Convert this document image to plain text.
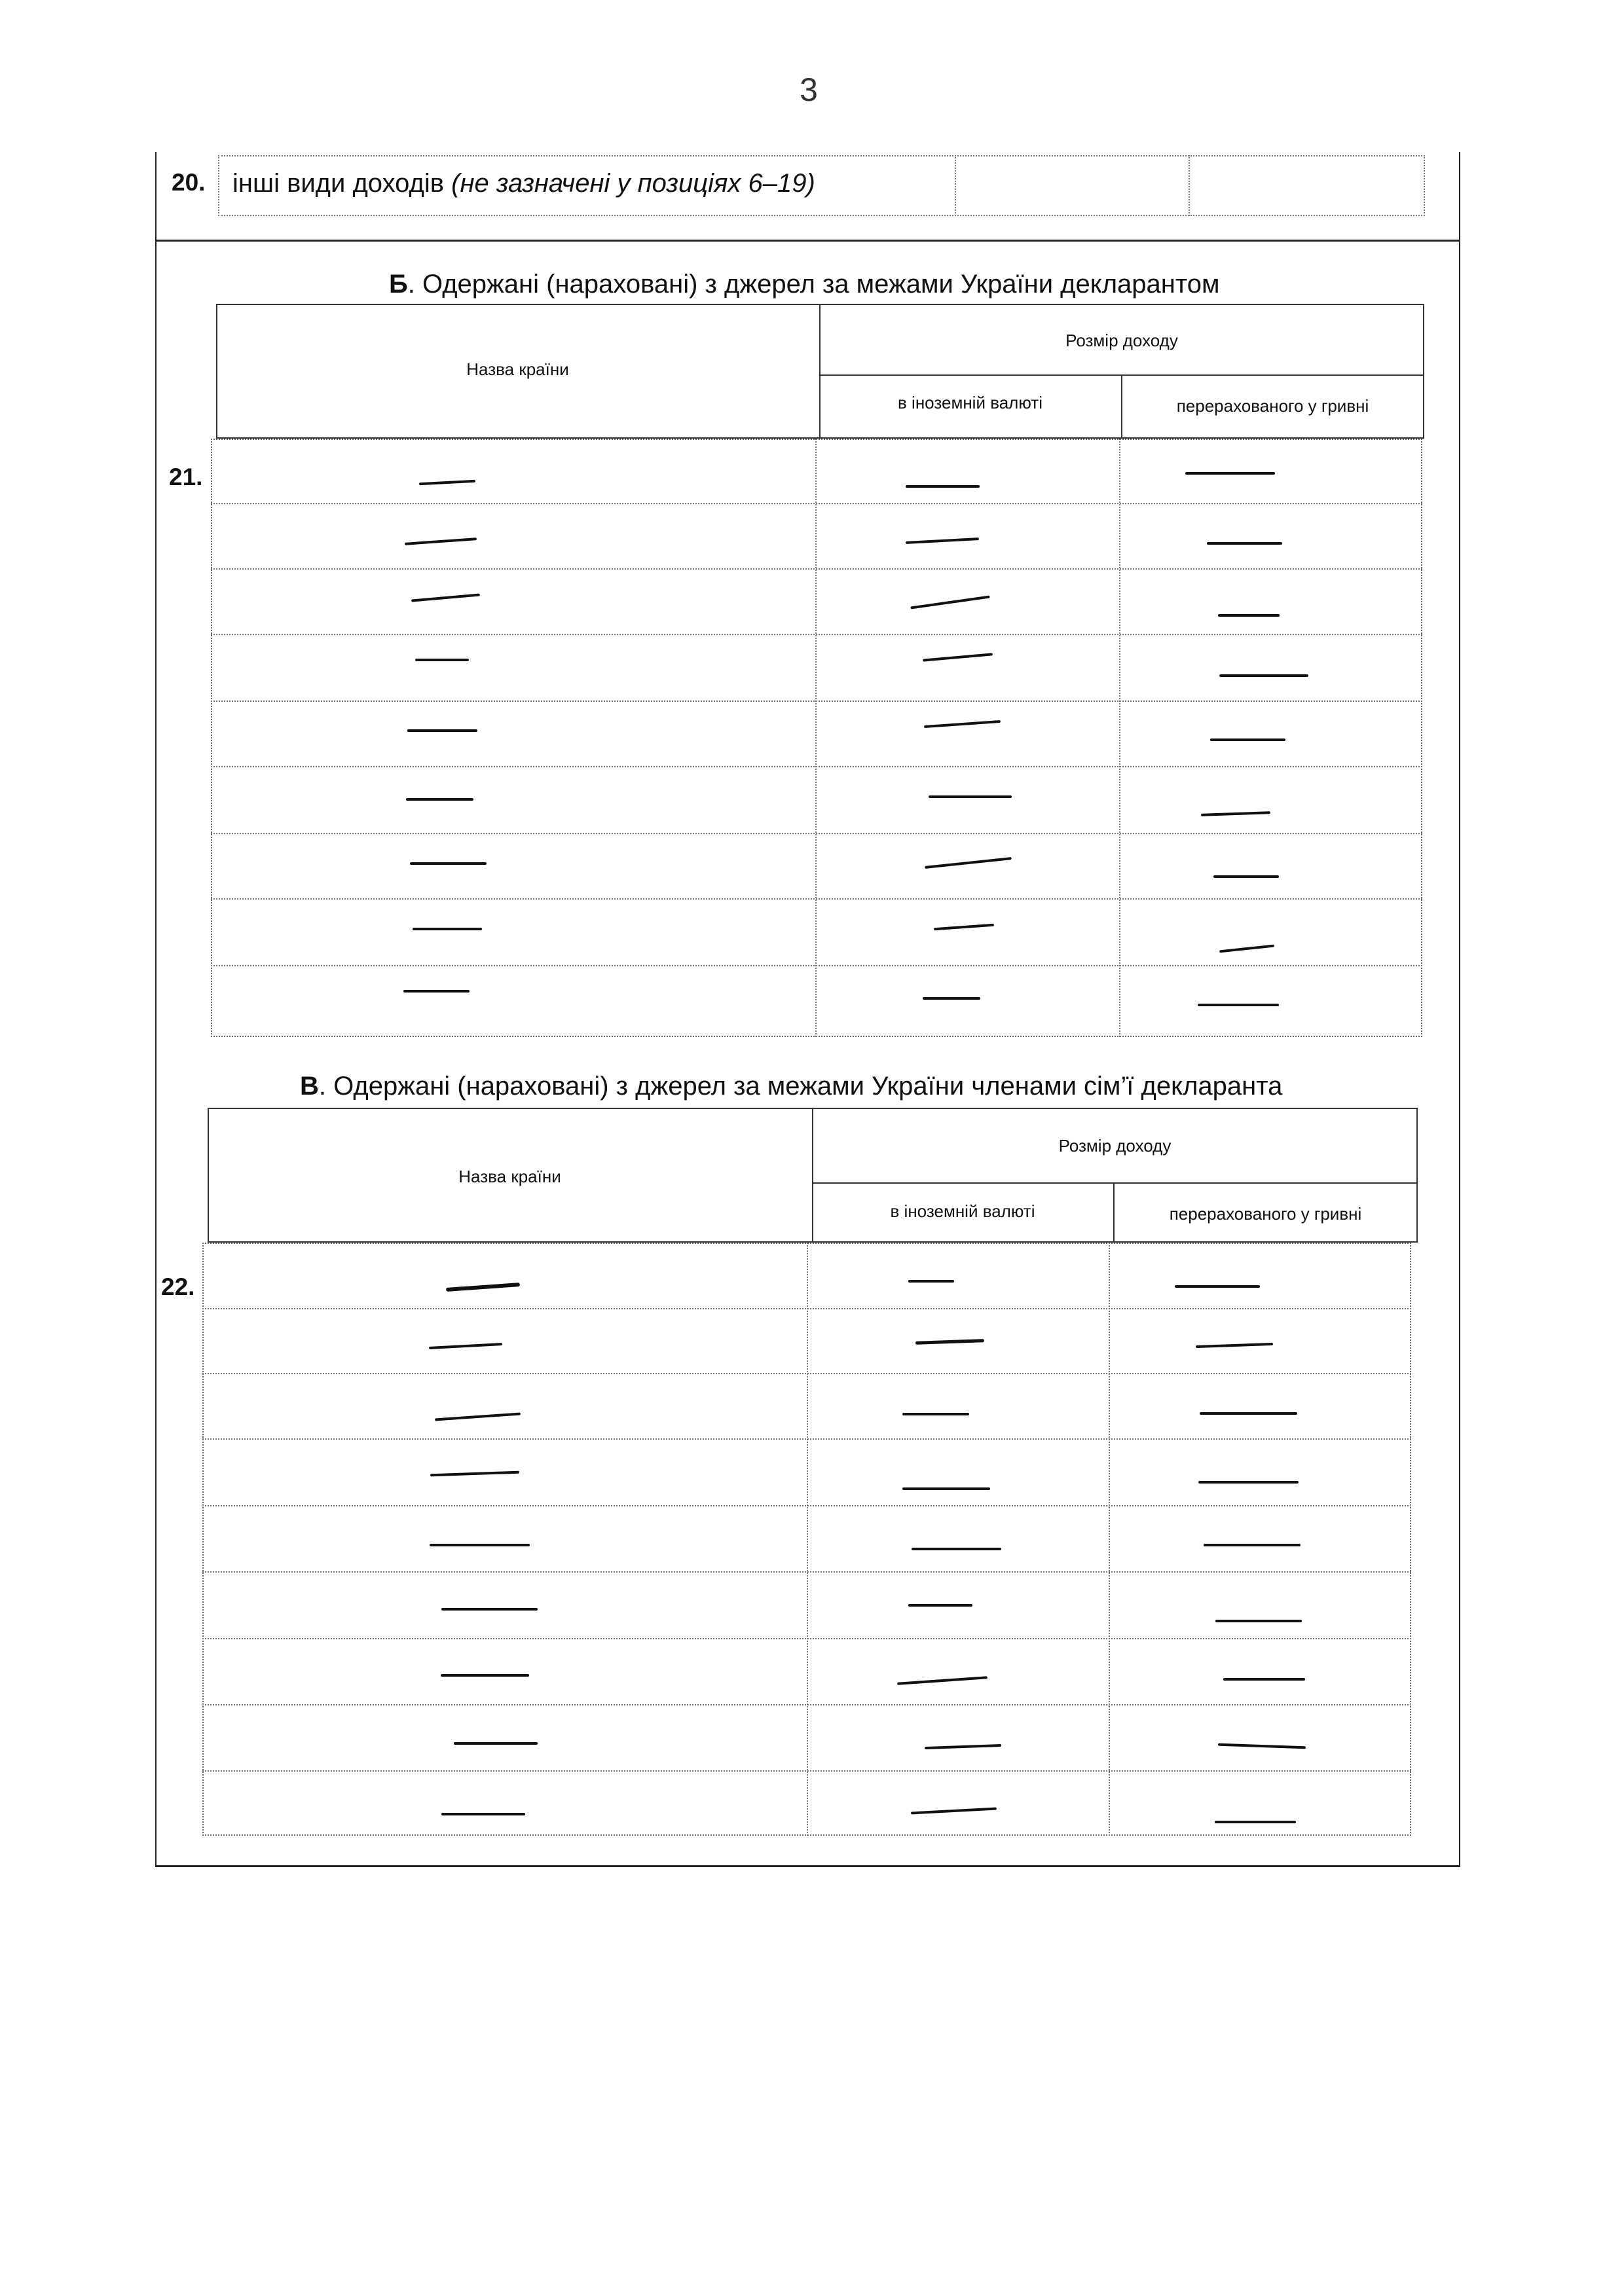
3
20. інші види доходів (не зазначені у позиціях 6–19)
Б. Одержані (нараховані) з джерел за межами України декларантом
Назва країни
Розмір доходу
в іноземній валюті	перерахованого у гривні
21.
В. Одержані (нараховані) з джерел за межами України членами сім’ї декларанта
Назва країни
Розмір доходу
в іноземній валюті	перерахованого у гривні
22.
